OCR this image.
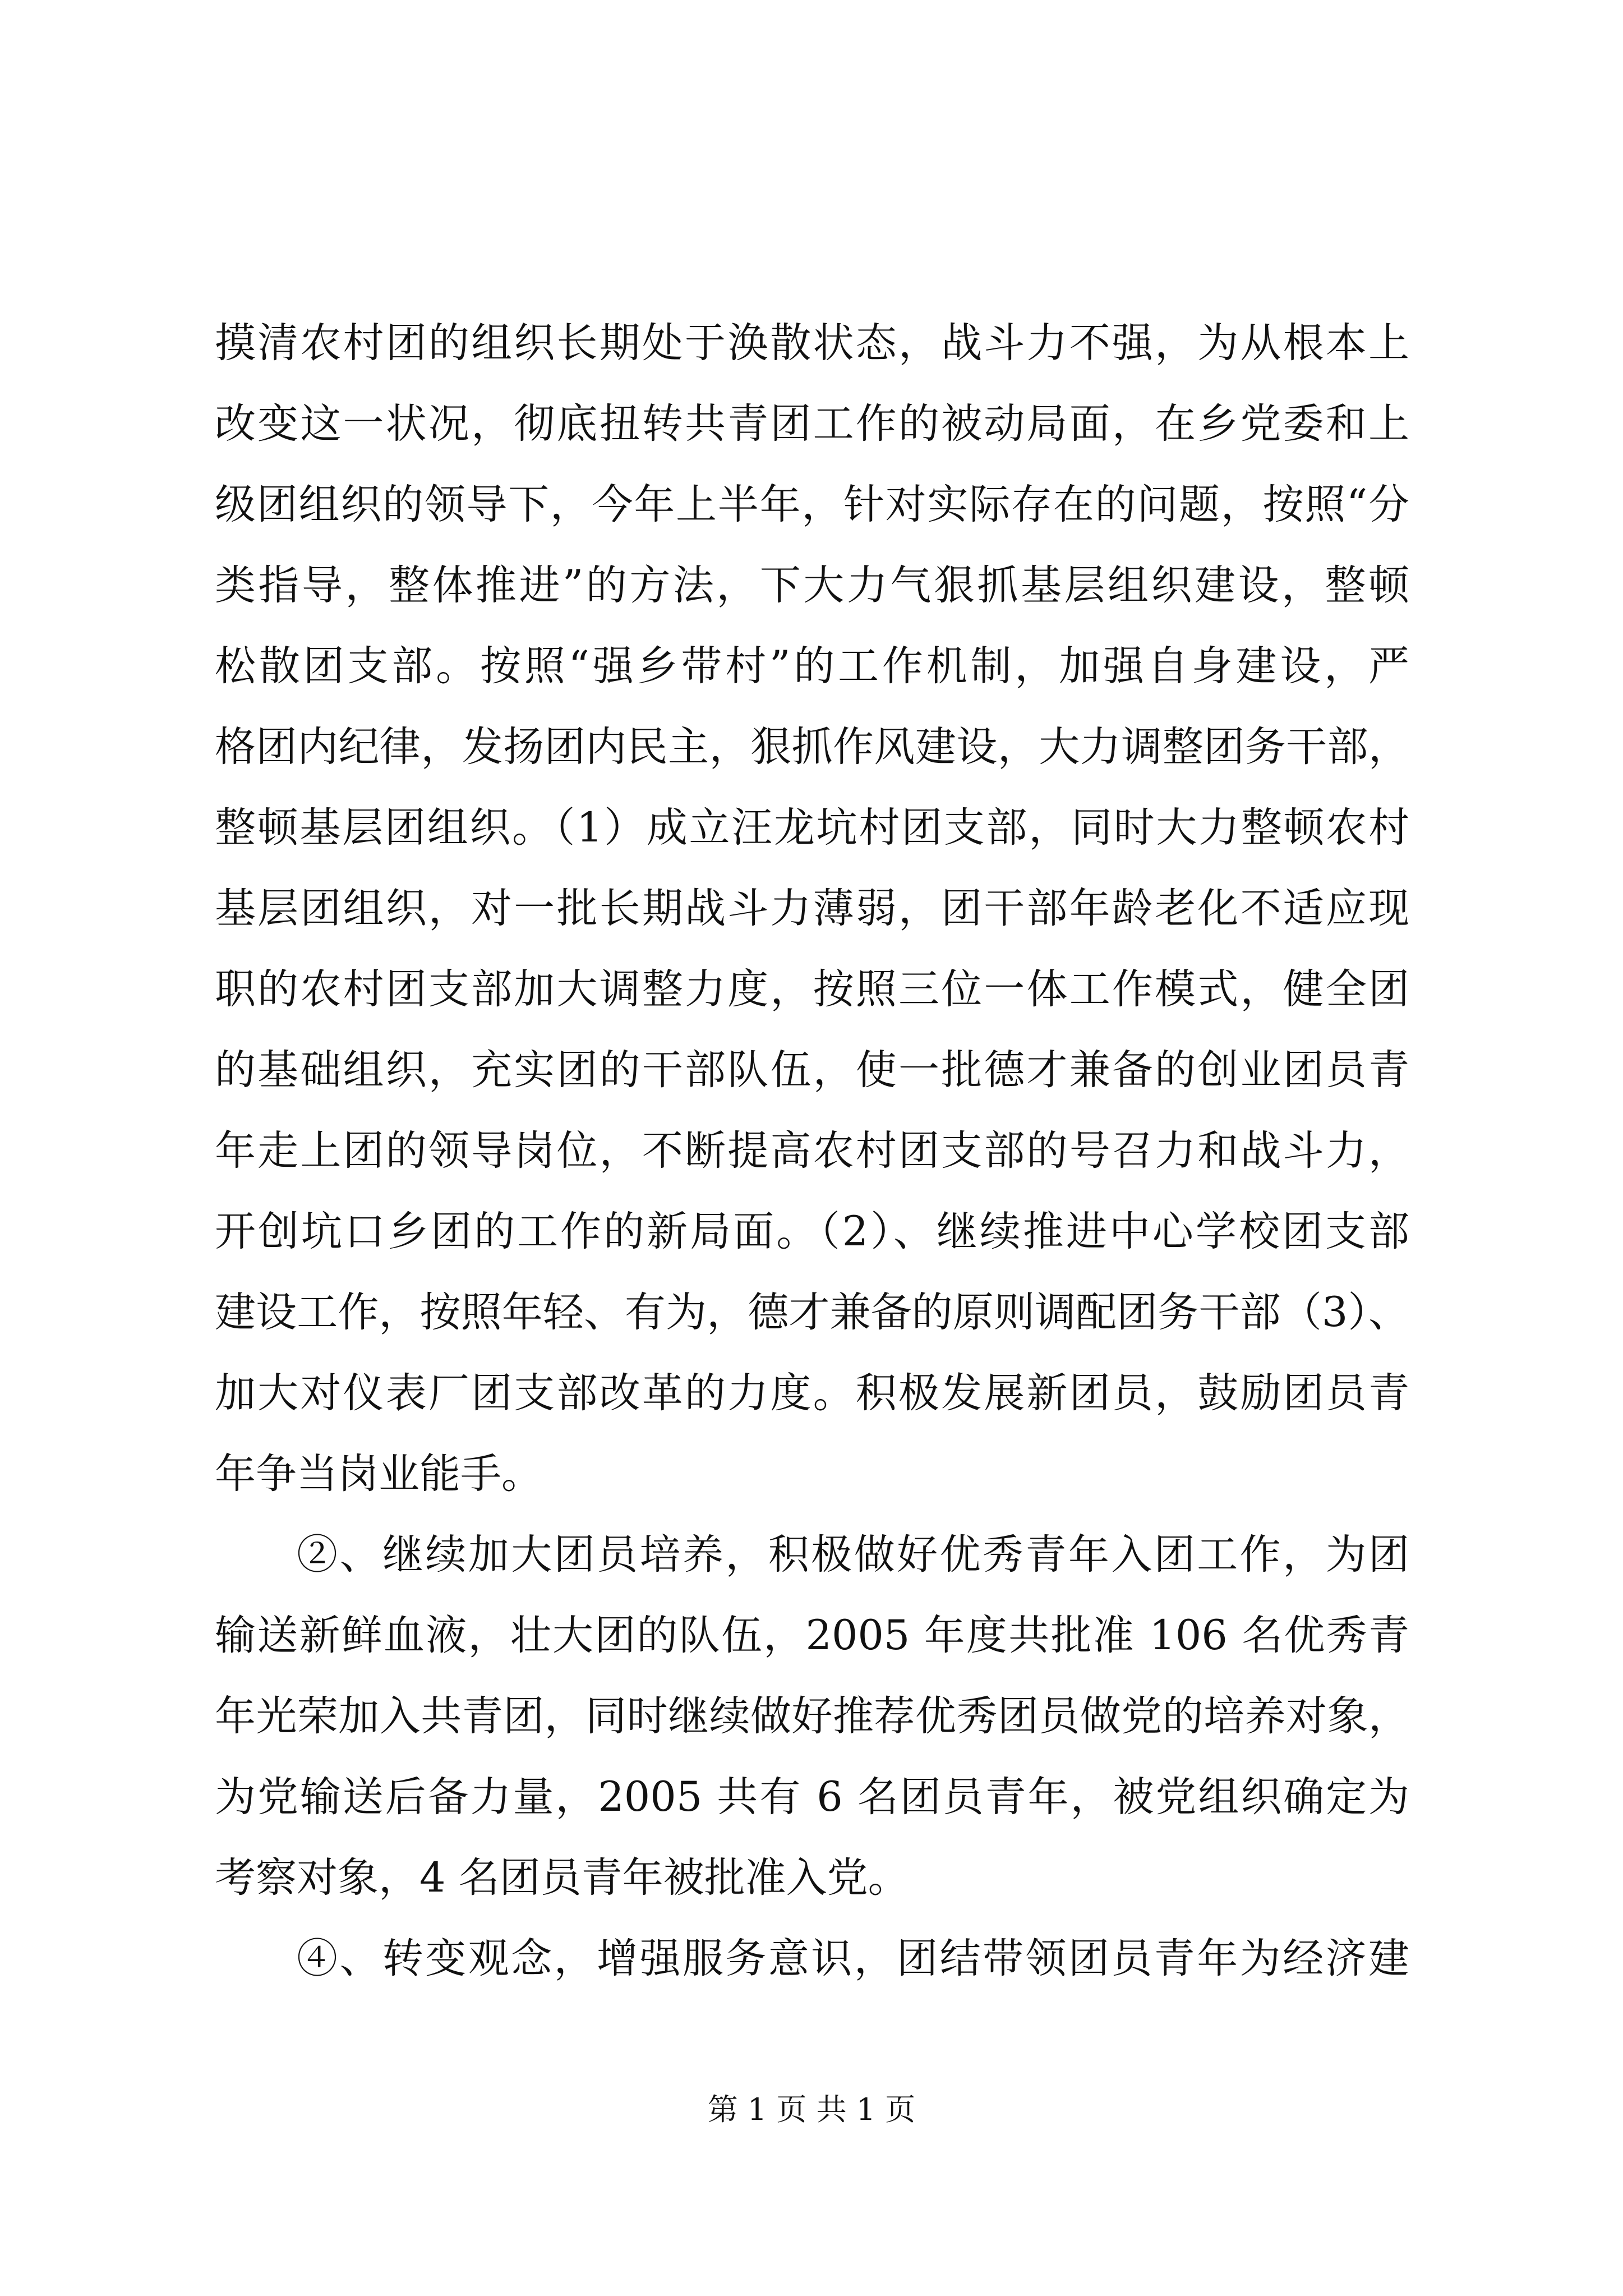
摸清农村团的组织长期处于涣散状态，战斗力不强，为从根本上
改变这一状况，彻底扭转共青团工作的被动局面，在乡党委和上
级团组织的领导下，今年上半年，针对实际存在的问题，按照“分
类指导，整体推进”的方法，下大力气狠抓基层组织建设，整顿
松散团支部。按照“强乡带村”的工作机制，加强自身建设，严
格团内纪律，发扬团内民主，狠抓作风建设，大力调整团务干部，
整顿基层团组织。（1）成立汪龙坑村团支部，同时大力整顿农村
基层团组织，对一批长期战斗力薄弱，团干部年龄老化不适应现
职的农村团支部加大调整力度，按照三位一体工作模式，健全团
的基础组织，充实团的干部队伍，使一批德才兼备的创业团员青
年走上团的领导岗位，不断提高农村团支部的号召力和战斗力，
开创坑口乡团的工作的新局面。（2）、继续推进中心学校团支部
建设工作，按照年轻、有为，德才兼备的原则调配团务干部（3）、
加大对仪表厂团支部改革的力度。积极发展新团员，鼓励团员青
年争当岗业能手。
②、继续加大团员培养，积极做好优秀青年入团工作，为团
输送新鲜血液，壮大团的队伍，2005 年度共批准 106 名优秀青
年光荣加入共青团，同时继续做好推荐优秀团员做党的培养对象，
为党输送后备力量，2005 共有 6 名团员青年，被党组织确定为
考察对象，4 名团员青年被批准入党。
④、转变观念，增强服务意识，团结带领团员青年为经济建
第 1 页 共 1 页
